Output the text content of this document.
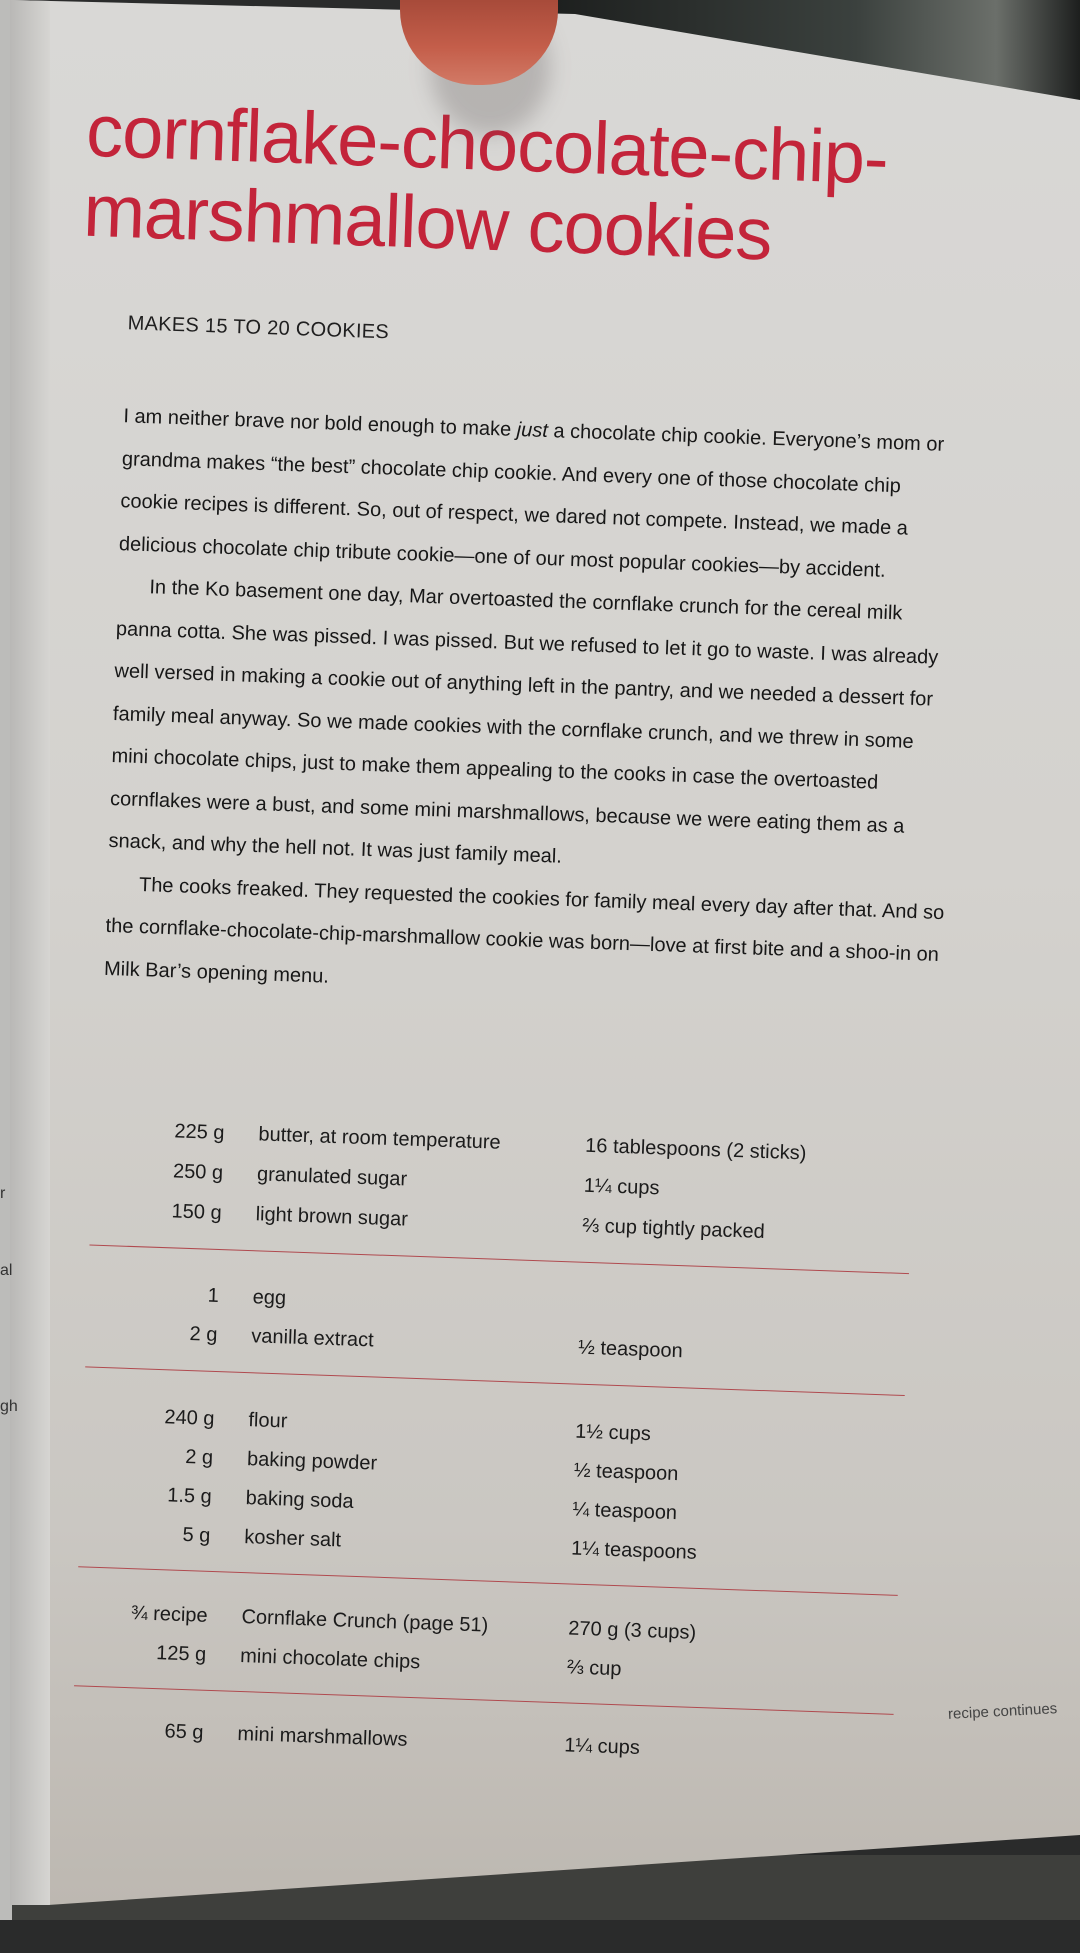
r
al
gh
cornflake-chocolate-chip-
marshmallow cookies
MAKES 15 TO 20 COOKIES

I am neither brave nor bold enough to make just a chocolate chip cookie. Everyone’s mom or grandma makes “the best” chocolate chip cookie. And every one of those chocolate chip cookie recipes is different. So, out of respect, we dared not compete. Instead, we made a delicious chocolate chip tribute cookie—one of our most popular cookies—by accident.

In the Ko basement one day, Mar overtoasted the cornflake crunch for the cereal milk panna cotta. She was pissed. I was pissed. But we refused to let it go to waste. I was already well versed in making a cookie out of anything left in the pantry, and we needed a dessert for family meal anyway. So we made cookies with the cornflake crunch, and we threw in some mini chocolate chips, just to make them appealing to the cooks in case the overtoasted cornflakes were a bust, and some mini marshmallows, because we were eating them as a snack, and why the hell not. It was just family meal.

The cooks freaked. They requested the cookies for family meal every day after that. And so the cornflake-chocolate-chip-marshmallow cookie was born—love at first bite and a shoo-in on Milk Bar’s opening menu.

225 g butter, at room temperature	16 tablespoons (2 sticks)
250 g granulated sugar	1¼ cups
150 g light brown sugar	⅔ cup tightly packed
1 egg
2 g vanilla extract	½ teaspoon
240 g flour	1½ cups
2 g baking powder	½ teaspoon
1.5 g baking soda	¼ teaspoon
5 g kosher salt	1¼ teaspoons
¾ recipe Cornflake Crunch (page 51)	270 g (3 cups)
125 g mini chocolate chips	⅔ cup
65 g mini marshmallows	1¼ cups
recipe continues
